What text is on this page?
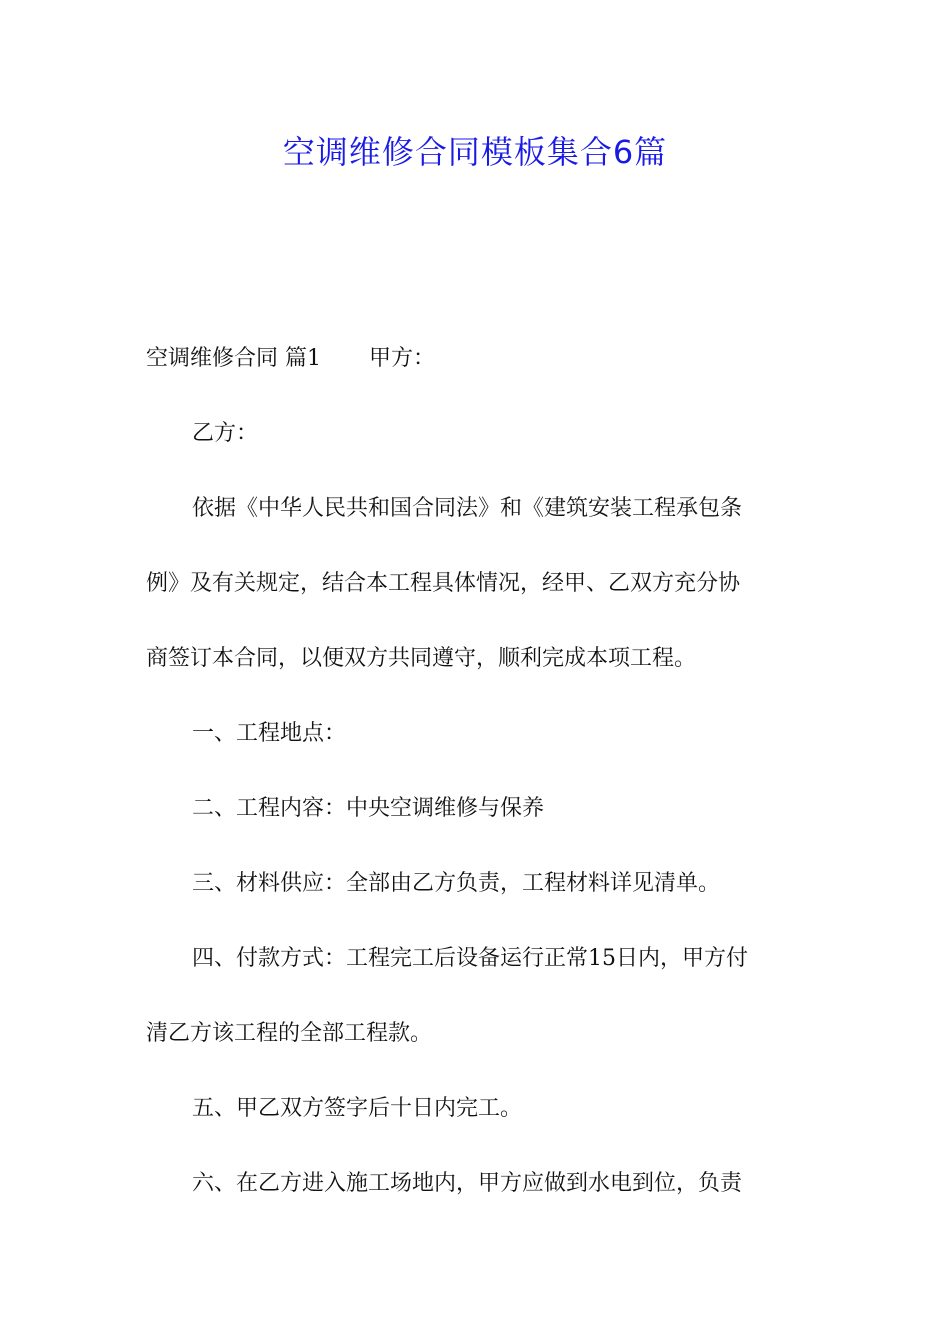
空调维修合同模板集合6篇
空调维修合同 篇1 甲方：
乙方：
依据《中华人民共和国合同法》和《建筑安装工程承包条
例》及有关规定，结合本工程具体情况，经甲、乙双方充分协
商签订本合同，以便双方共同遵守，顺利完成本项工程。
一、工程地点：
二、工程内容：中央空调维修与保养
三、材料供应：全部由乙方负责，工程材料详见清单。
四、付款方式：工程完工后设备运行正常15日内，甲方付
清乙方该工程的全部工程款。
五、甲乙双方签字后十日内完工。
六、在乙方进入施工场地内，甲方应做到水电到位，负责
